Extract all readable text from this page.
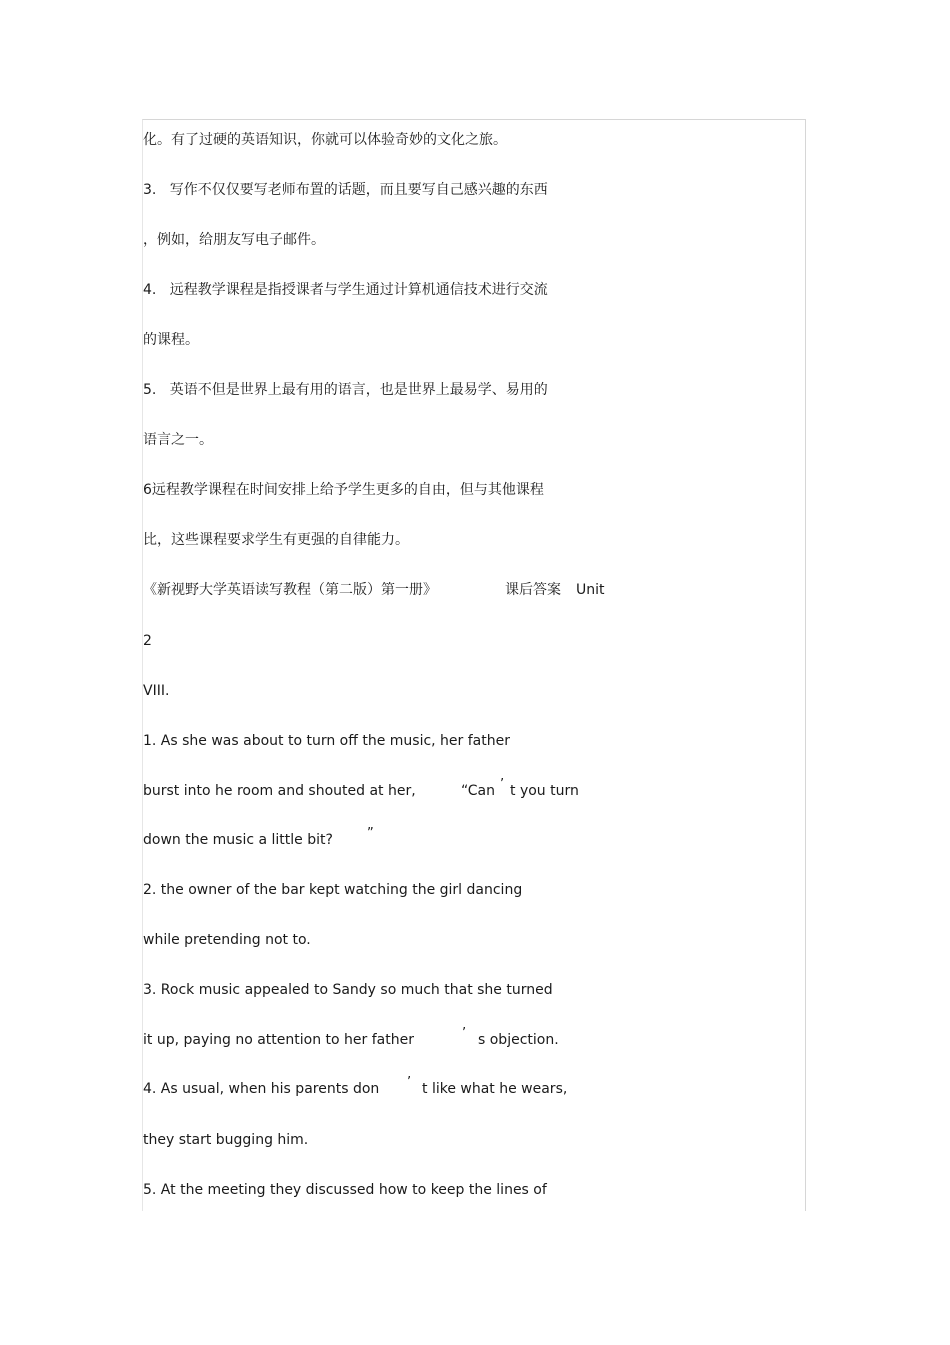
化。有了过硬的英语知识，你就可以体验奇妙的文化之旅。
3.   写作不仅仅要写老师布置的话题，而且要写自己感兴趣的东西
，例如，给朋友写电子邮件。
4.   远程教学课程是指授课者与学生通过计算机通信技术进行交流
的课程。
5.   英语不但是世界上最有用的语言，也是世界上最易学、易用的
语言之一。
6远程教学课程在时间安排上给予学生更多的自由，但与其他课程
比，这些课程要求学生有更强的自律能力。
《新视野大学英语读写教程（第二版）第一册》	课后答案 Unit
2
VIII.
1. As she was about to turn off the music, her father
burst into he room and shouted at her,	“Can ’ t you turn
down the music a little bit?	”
2. the owner of the bar kept watching the girl dancing
while pretending not to.
3. Rock music appealed to Sandy so much that she turned
it up, paying no attention to her father	’ s objection.
4. As usual, when his parents don ’ t like what he wears,
they start bugging him.
5. At the meeting they discussed how to keep the lines of
